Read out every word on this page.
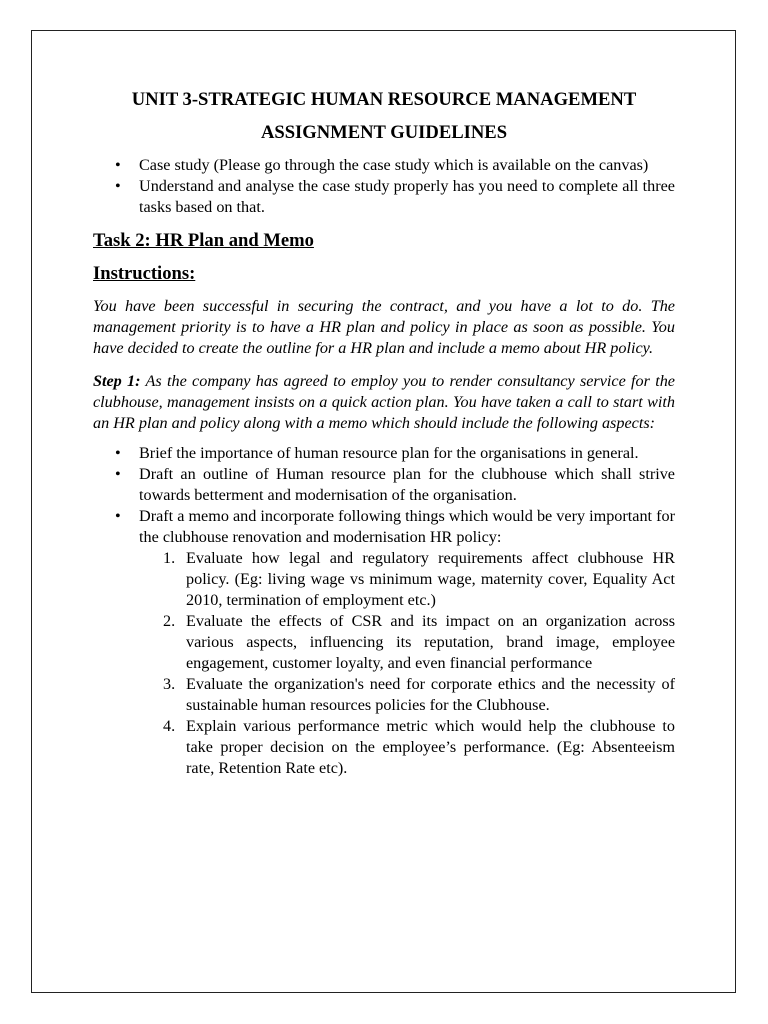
UNIT 3-STRATEGIC HUMAN RESOURCE MANAGEMENT

ASSIGNMENT GUIDELINES

• Case study (Please go through the case study which is available on the canvas)
• Understand and analyse the case study properly has you need to complete all three tasks based on that.

Task 2: HR Plan and Memo

Instructions:

You have been successful in securing the contract, and you have a lot to do. The management priority is to have a HR plan and policy in place as soon as possible. You have decided to create the outline for a HR plan and include a memo about HR policy.

Step 1: As the company has agreed to employ you to render consultancy service for the clubhouse, management insists on a quick action plan. You have taken a call to start with an HR plan and policy along with a memo which should include the following aspects:

• Brief the importance of human resource plan for the organisations in general.
• Draft an outline of Human resource plan for the clubhouse which shall strive towards betterment and modernisation of the organisation.
• Draft a memo and incorporate following things which would be very important for the clubhouse renovation and modernisation HR policy:
1. Evaluate how legal and regulatory requirements affect clubhouse HR policy. (Eg: living wage vs minimum wage, maternity cover, Equality Act 2010, termination of employment etc.)
2. Evaluate the effects of CSR and its impact on an organization across various aspects, influencing its reputation, brand image, employee engagement, customer loyalty, and even financial performance
3. Evaluate the organization's need for corporate ethics and the necessity of sustainable human resources policies for the Clubhouse.
4. Explain various performance metric which would help the clubhouse to take proper decision on the employee’s performance. (Eg: Absenteeism rate, Retention Rate etc).
